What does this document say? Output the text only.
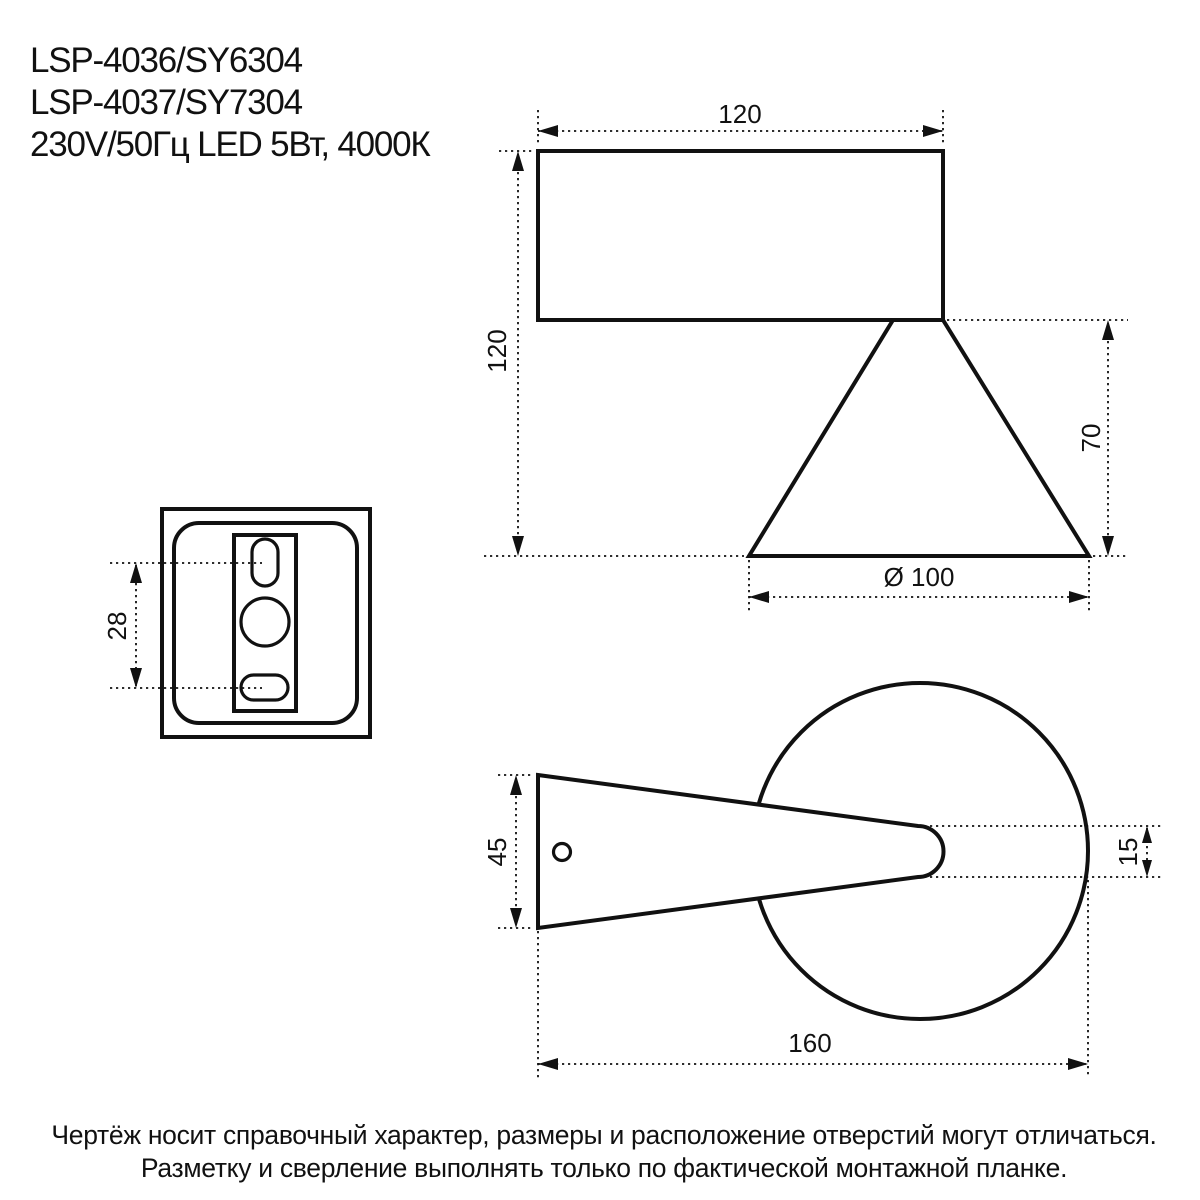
LSP-4036/SY6304
LSP-4037/SY7304
230V/50Гц LED 5Вт, 4000К
120
120
70
Ø 100
28
45	15
160
Чертёж носит справочный характер, размеры и расположение отверстий могут отличаться.
Разметку и сверление выполнять только по фактической монтажной планке.
